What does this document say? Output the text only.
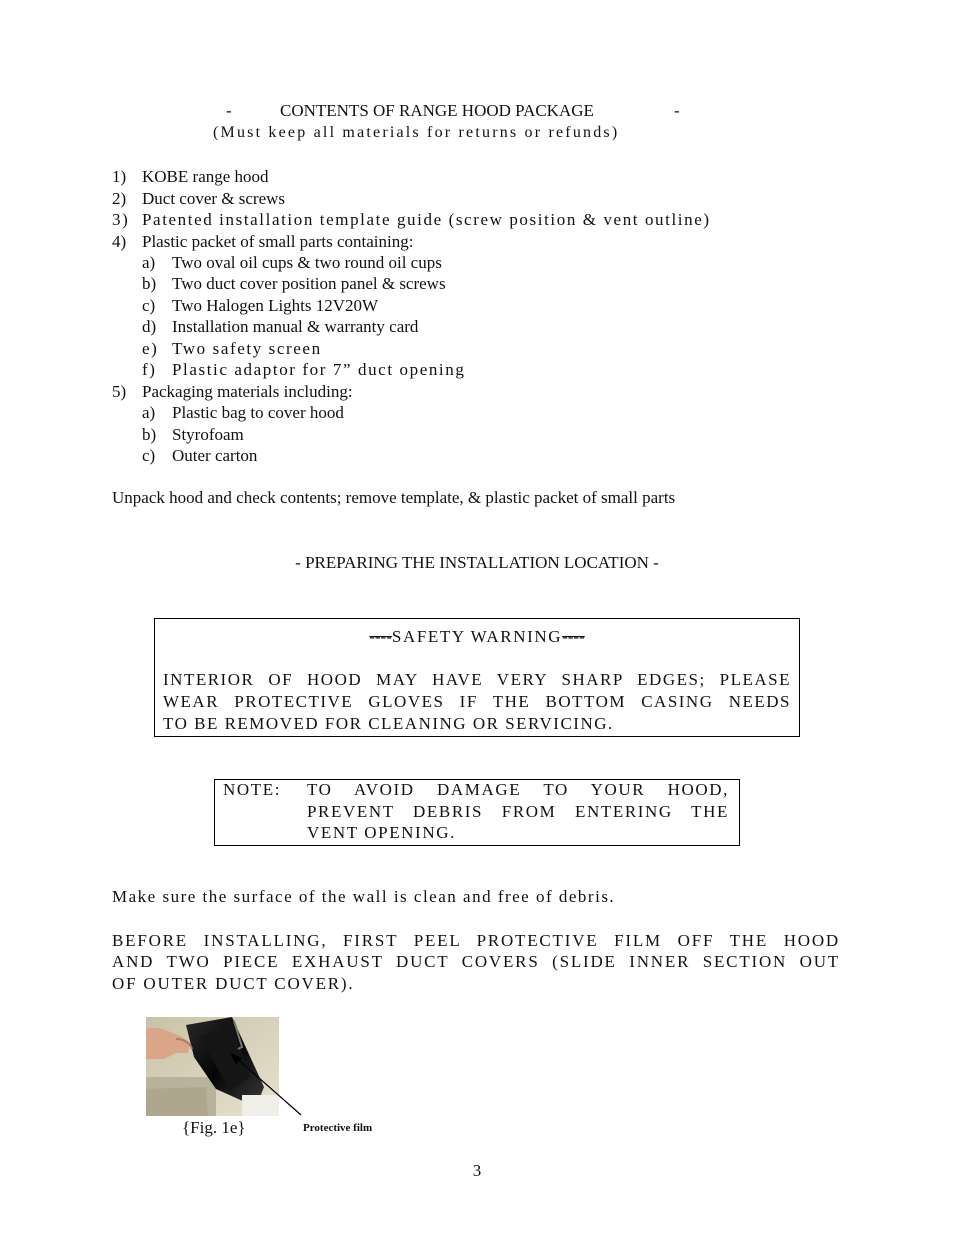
-	CONTENTS OF RANGE HOOD PACKAGE	-
(Must keep all materials for returns or refunds)
1) KOBE range hood
2) Duct cover & screws
3) Patented installation template guide (screw position & vent outline)
4) Plastic packet of small parts containing:
a) Two oval oil cups & two round oil cups
b) Two duct cover position panel & screws
c) Two Halogen Lights 12V20W
d) Installation manual & warranty card
e) Two safety screen
f) Plastic adaptor for 7” duct opening
5) Packaging materials including:
a) Plastic bag to cover hood
b) Styrofoam
c) Outer carton
Unpack hood and check contents; remove template, & plastic packet of small parts
- PREPARING THE INSTALLATION LOCATION -
----SAFETY WARNING----
INTERIOR OF HOOD MAY HAVE VERY SHARP EDGES; PLEASE
WEAR PROTECTIVE GLOVES IF THE BOTTOM CASING NEEDS
TO BE REMOVED FOR CLEANING OR SERVICING.
NOTE: TO AVOID DAMAGE TO YOUR HOOD,
PREVENT DEBRIS FROM ENTERING THE
VENT OPENING.
Make sure the surface of the wall is clean and free of debris.
BEFORE INSTALLING, FIRST PEEL PROTECTIVE FILM OFF THE HOOD
AND TWO PIECE EXHAUST DUCT COVERS (SLIDE INNER SECTION OUT
OF OUTER DUCT COVER).
{Fig. 1e}	Protective film
3
